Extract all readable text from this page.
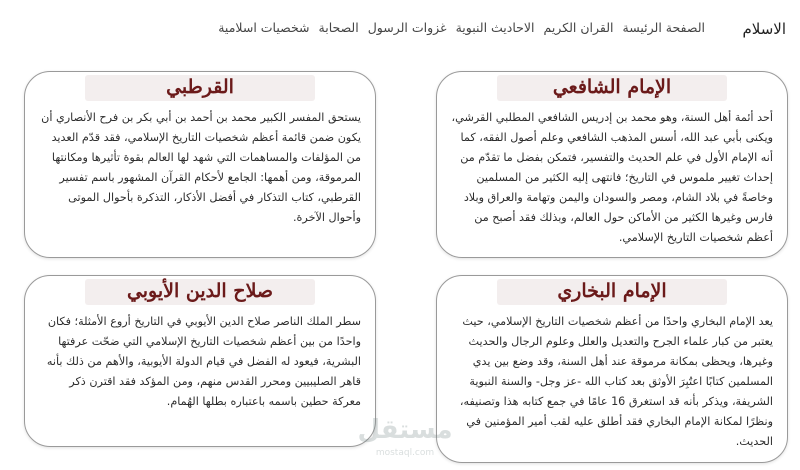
الاسلام
الصفحة الرئيسة
القران الكريم
الاحاديث النبوية
غزوات الرسول
الصحابة
شخصيات اسلامية
الإمام الشافعي

أحد أئمة أهل السنة، وهو محمد بن إدريس الشافعي المطلبي القرشي، ويكنى بأبي عبد الله، أسس المذهب الشافعي وعلم أصول الفقه، كما أنه الإمام الأول في علم الحديث والتفسير، فتمكن بفضل ما تقدّم من إحداث تغيير ملموس في التاريخ؛ فانتهى إليه الكثير من المسلمين وخاصةً في بلاد الشام، ومصر والسودان واليمن وتهامة والعراق وبلاد فارس وغيرها الكثير من الأماكن حول العالم، وبذلك فقد أصبح من أعظم شخصيات التاريخ الإسلامي.

القرطبي

يستحق المفسر الكبير محمد بن أحمد بن أبي بكر بن فرح الأنصاري أن يكون ضمن قائمة أعظم شخصيات التاريخ الإسلامي، فقد قدّم العديد من المؤلفات والمساهمات التي شهد لها العالم بقوة تأثيرها ومكانتها المرموقة، ومن أهمها: الجامع لأحكام القرآن المشهور باسم تفسير القرطبي، كتاب التذكار في أفضل الأذكار، التذكرة بأحوال الموتى وأحوال الآخرة.

الإمام البخاري

يعد الإمام البخاري واحدًا من أعظم شخصيات التاريخ الإسلامي، حيث يعتبر من كبار علماء الجرح والتعديل والعلل وعلوم الرجال والحديث وغيرها، ويحظى بمكانة مرموقة عند أهل السنة، وقد وضع بين يدي المسلمين كتابًا اعتُبِرَ الأوثق بعد كتاب الله -عز وجل- والسنة النبوية الشريفة، ويذكر بأنه قد استغرق 16 عامًا في جمع كتابه هذا وتصنيفه، ونظرًا لمكانة الإمام البخاري فقد أطلق عليه لقب أمير المؤمنين في الحديث.

صلاح الدين الأيوبي

سطر الملك الناصر صلاح الدين الأيوبي في التاريخ أروع الأمثلة؛ فكان واحدًا من بين أعظم شخصيات التاريخ الإسلامي التي ضحّت عرفتها البشرية، فيعود له الفضل في قيام الدولة الأيوبية، والأهم من ذلك بأنه قاهر الصليبيين ومحرر القدس منهم، ومن المؤكد فقد اقترن ذكر معركة حطين باسمه باعتباره بطلها الهُمام.

مستقل
mostaql.com
